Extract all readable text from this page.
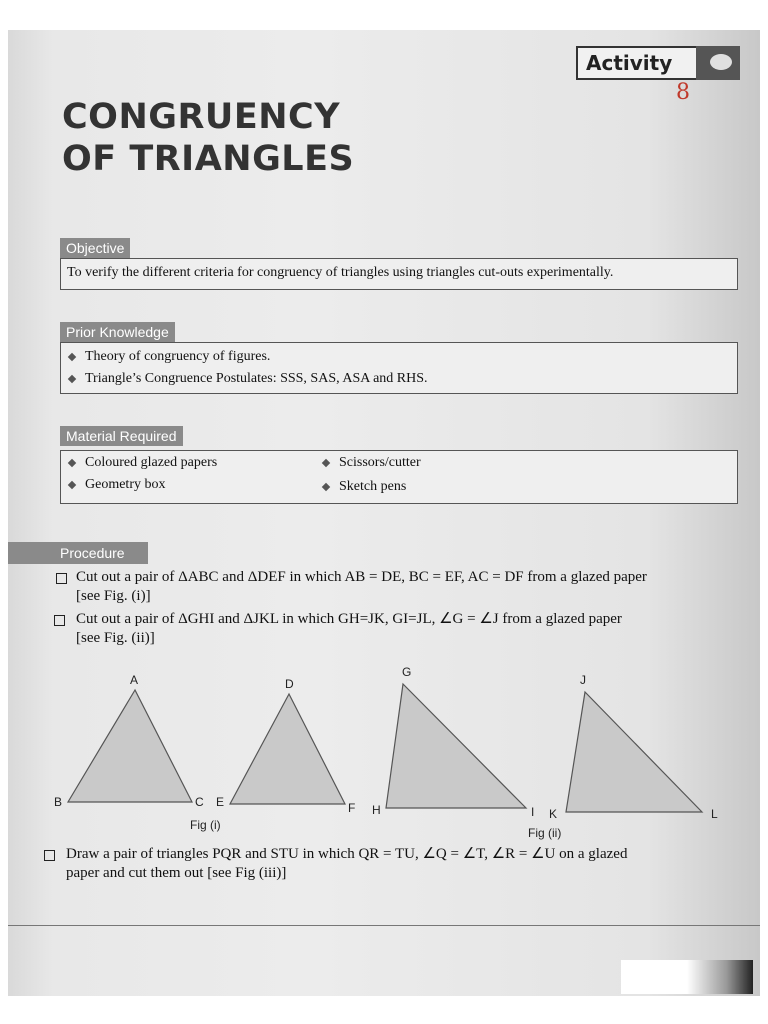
Activity
8
CONGRUENCY
OF TRIANGLES
Objective
To verify the different criteria for congruency of triangles using triangles cut-outs experimentally.
Prior Knowledge
Theory of congruency of figures.
Triangle’s Congruence Postulates: SSS, SAS, ASA and RHS.
Material Required
Coloured glazed papers	Scissors/cutter
Geometry box	Sketch pens
Procedure
Cut out a pair of ΔABC and ΔDEF in which AB = DE, BC = EF, AC = DF from a glazed paper
[see Fig. (i)]
Cut out a pair of ΔGHI and ΔJKL in which GH=JK, GI=JL, ∠G = ∠J from a glazed paper
[see Fig. (ii)]
A
B	C
D
E	F
G
H	I
J
K	L
Fig (i)
Fig (ii)
Draw a pair of triangles PQR and STU in which QR = TU, ∠Q = ∠T, ∠R = ∠U on a glazed
paper and cut them out [see Fig (iii)]
